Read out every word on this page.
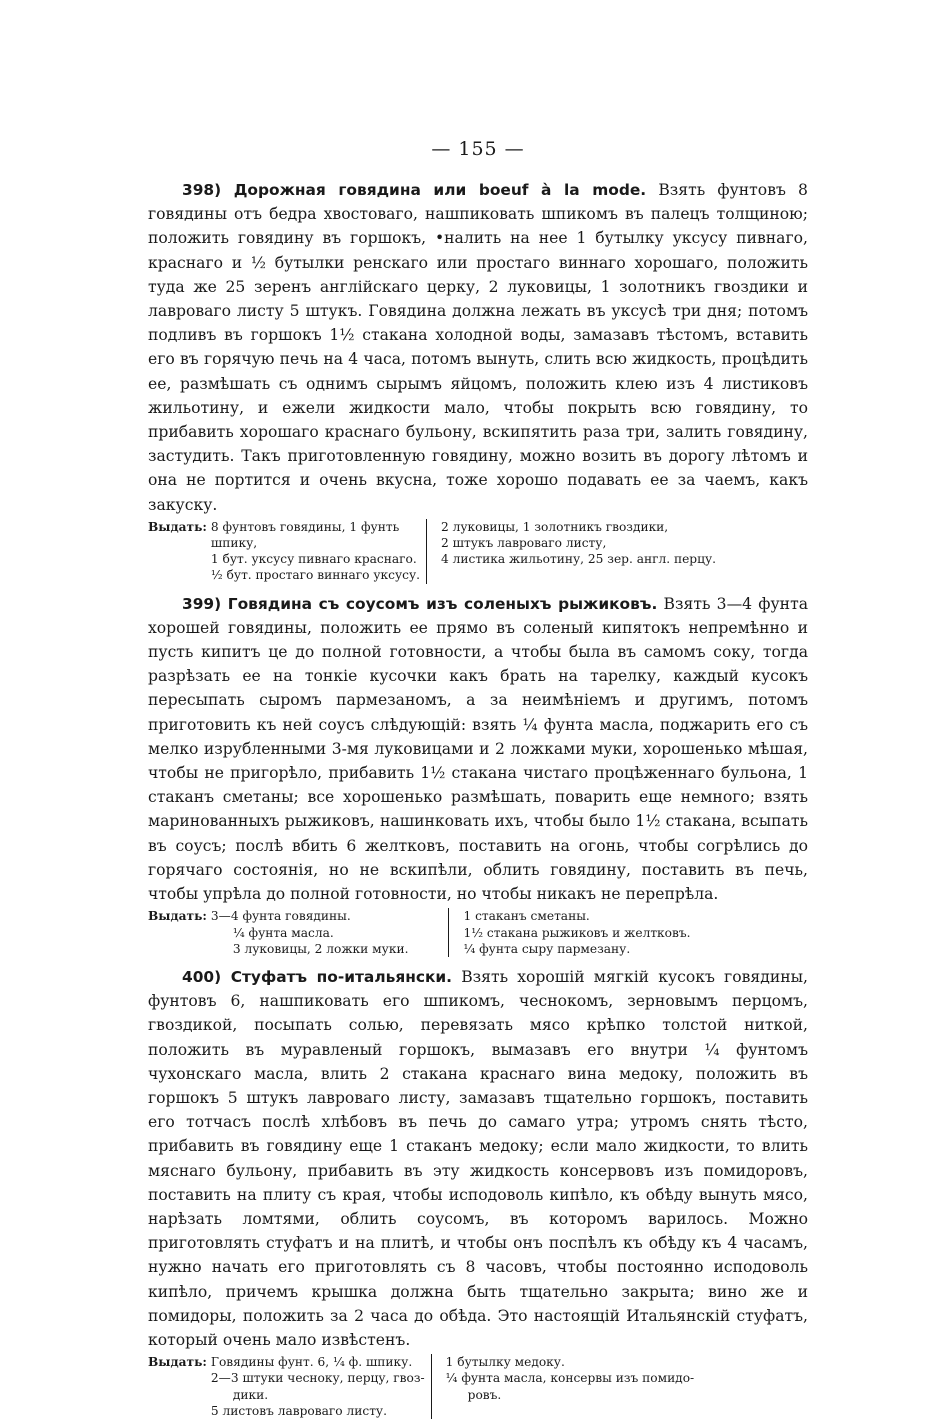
— 155 —

398) Дорожная говядина или boeuf à la mode. Взять фунтовъ 8 говядины отъ бедра хвостоваго, нашпиковать шпикомъ въ палецъ толщиною; положить говядину въ горшокъ, •налить на нее 1 бутылку уксусу пивнаго, краснаго и ½ бутылки ренскаго или простаго виннаго хорошаго, положить туда же 25 зеренъ англійскаго церку, 2 луковицы, 1 золотникъ гвоздики и лавроваго листу 5 штукъ. Говядина должна лежать въ уксусѣ три дня; потомъ подливъ въ горшокъ 1½ стакана холодной воды, замазавъ тѣстомъ, вставить его въ горячую печь на 4 часа, потомъ вынуть, слить всю жидкость, процѣдить ее, размѣшать съ однимъ сырымъ яйцомъ, положить клею изъ 4 листиковъ жильотину, и ежели жидкости мало, чтобы покрыть всю говядину, то прибавить хорошаго краснаго бульону, вскипятить раза три, залить говядину, застудить. Такъ приготовленную говядину, можно возить въ дорогу лѣтомъ и она не портится и очень вкусна, тоже хорошо подавать ее за чаемъ, какъ закуску.

Выдать: 8 фунтовъ говядины, 1 фунть
шпику,
1 бут. уксусу пивнаго краснаго.
½ бут. простаго виннаго уксусу.
2 луковицы, 1 золотникъ гвоздики,
2 штукъ лавроваго листу,
4 листика жильотину, 25 зер. англ. перцу.

399) Говядина съ соусомъ изъ соленыхъ рыжиковъ. Взять 3—4 фунта хорошей говядины, положить ее прямо въ соленый кипятокъ непремѣнно и пусть кипитъ це до полной готовности, а чтобы была въ самомъ соку, тогда разрѣзать ее на тонкіе кусочки какъ брать на тарелку, каждый кусокъ пересыпать сыромъ пармезаномъ, а за неимѣніемъ и другимъ, потомъ приготовить къ ней соусъ слѣдующій: взять ¼ фунта масла, поджарить его съ мелко изрубленными 3-мя луковицами и 2 ложками муки, хорошенько мѣшая, чтобы не пригорѣло, прибавить 1½ стакана чистаго процѣженнаго бульона, 1 стаканъ сметаны; все хорошенько размѣшать, поварить еще немного; взять маринованныхъ рыжиковъ, нашинковать ихъ, чтобы было 1½ стакана, всыпать въ соусъ; послѣ вбить 6 желтковъ, поставить на огонь, чтобы согрѣлись до горячаго состоянія, но не вскипѣли, облить говядину, поставить въ печь, чтобы упрѣла до полной готовности, но чтобы никакъ не перепрѣла.

Выдать: 3—4 фунта говядины.
¼ фунта масла.
3 луковицы, 2 ложки муки.
1 стаканъ сметаны.
1½ стакана рыжиковъ и желтковъ.
¼ фунта сыру пармезану.

400) Стуфатъ по-итальянски. Взять хорошій мягкій кусокъ говядины, фунтовъ 6, нашпиковать его шпикомъ, чеснокомъ, зерновымъ перцомъ, гвоздикой, посыпать солью, перевязать мясо крѣпко толстой ниткой, положить въ муравленый горшокъ, вымазавъ его внутри ¼ фунтомъ чухонскаго масла, влить 2 стакана краснаго вина медоку, положить въ горшокъ 5 штукъ лавроваго листу, замазавъ тщательно горшокъ, поставить его тотчасъ послѣ хлѣбовъ въ печь до самаго утра; утромъ снять тѣсто, прибавить въ говядину еще 1 стаканъ медоку; если мало жидкости, то влить мяснаго бульону, прибавить въ эту жидкость консервовъ изъ помидоровъ, поставить на плиту съ края, чтобы исподоволь кипѣло, къ обѣду вынуть мясо, нарѣзать ломтями, облить соусомъ, въ которомъ варилось. Можно приготовлять стуфатъ и на плитѣ, и чтобы онъ поспѣлъ къ обѣду къ 4 часамъ, нужно начать его приготовлять съ 8 часовъ, чтобы постоянно исподоволь кипѣло, причемъ крышка должна быть тщательно закрыта; вино же и помидоры, положить за 2 часа до обѣда. Это настоящій Итальянскій стуфатъ, который очень мало извѣстенъ.

Выдать: Говядины фунт. 6, ¼ ф. шпику.
2—3 штуки чесноку, перцу, гвоз-
дики.
5 листовъ лавроваго листу.
1 бутылку медоку.
¼ фунта масла, консервы изъ помидо-
ровъ.
